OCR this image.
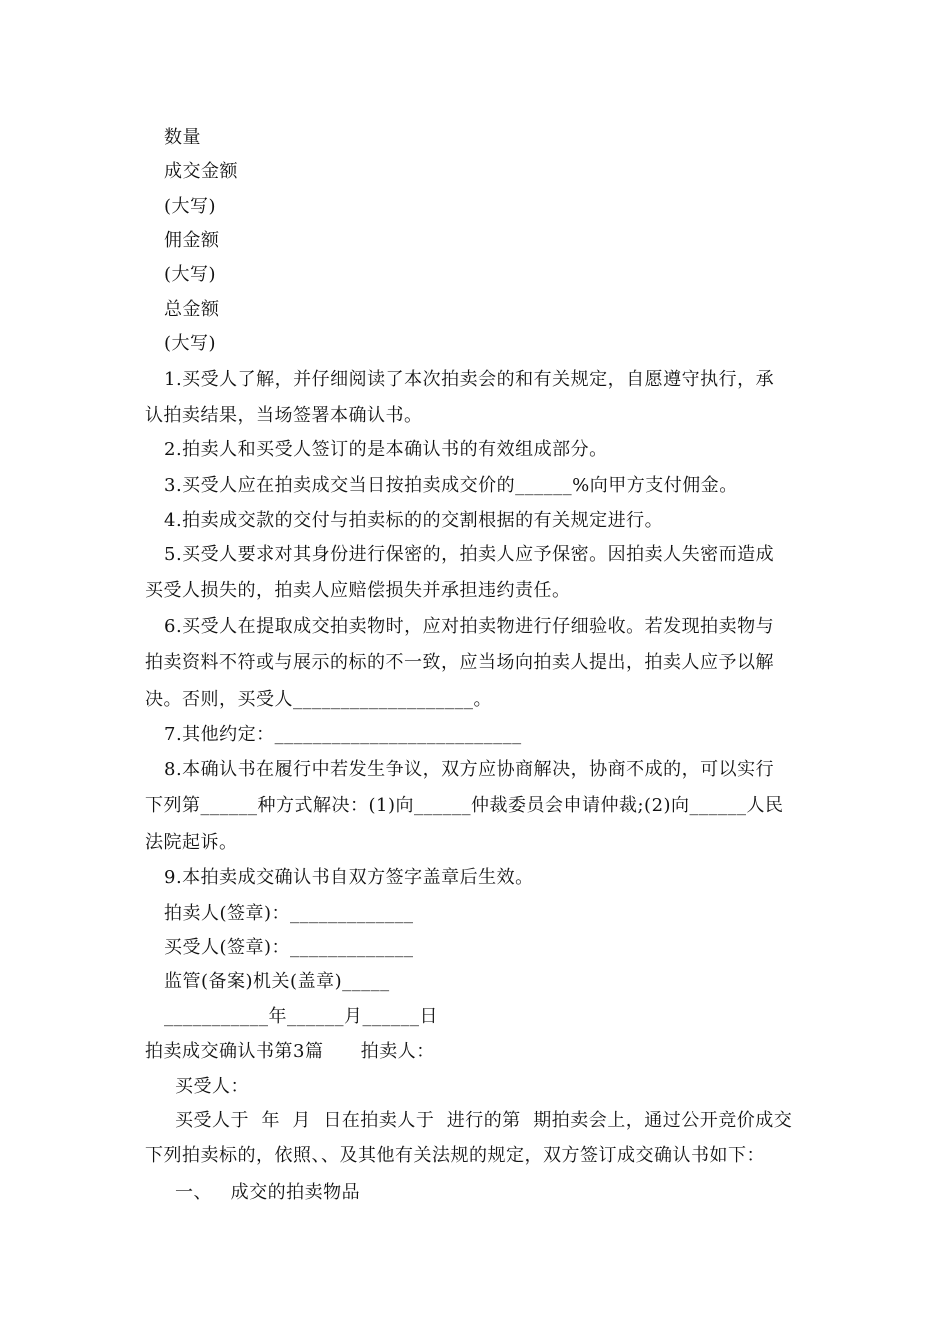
数量
成交金额
(大写)
佣金额
(大写)
总金额
(大写)
1.买受人了解，并仔细阅读了本次拍卖会的和有关规定，自愿遵守执行，承
认拍卖结果，当场签署本确认书。
2.拍卖人和买受人签订的是本确认书的有效组成部分。
3.买受人应在拍卖成交当日按拍卖成交价的______%向甲方支付佣金。
4.拍卖成交款的交付与拍卖标的的交割根据的有关规定进行。
5.买受人要求对其身份进行保密的，拍卖人应予保密。因拍卖人失密而造成
买受人损失的，拍卖人应赔偿损失并承担违约责任。
6.买受人在提取成交拍卖物时，应对拍卖物进行仔细验收。若发现拍卖物与
拍卖资料不符或与展示的标的不一致，应当场向拍卖人提出，拍卖人应予以解
决。否则，买受人___________________。
7.其他约定：__________________________
8.本确认书在履行中若发生争议，双方应协商解决，协商不成的，可以实行
下列第______种方式解决：(1)向______仲裁委员会申请仲裁;(2)向______人民
法院起诉。
9.本拍卖成交确认书自双方签字盖章后生效。
拍卖人(签章)：_____________
买受人(签章)：_____________
监管(备案)机关(盖章)_____
___________年______月______日
拍卖成交确认书第3篇      拍卖人：
买受人：
买受人于  年  月  日在拍卖人于  进行的第  期拍卖会上，通过公开竞价成交
下列拍卖标的，依照、、及其他有关法规的规定，双方签订成交确认书如下：
一、   成交的拍卖物品
